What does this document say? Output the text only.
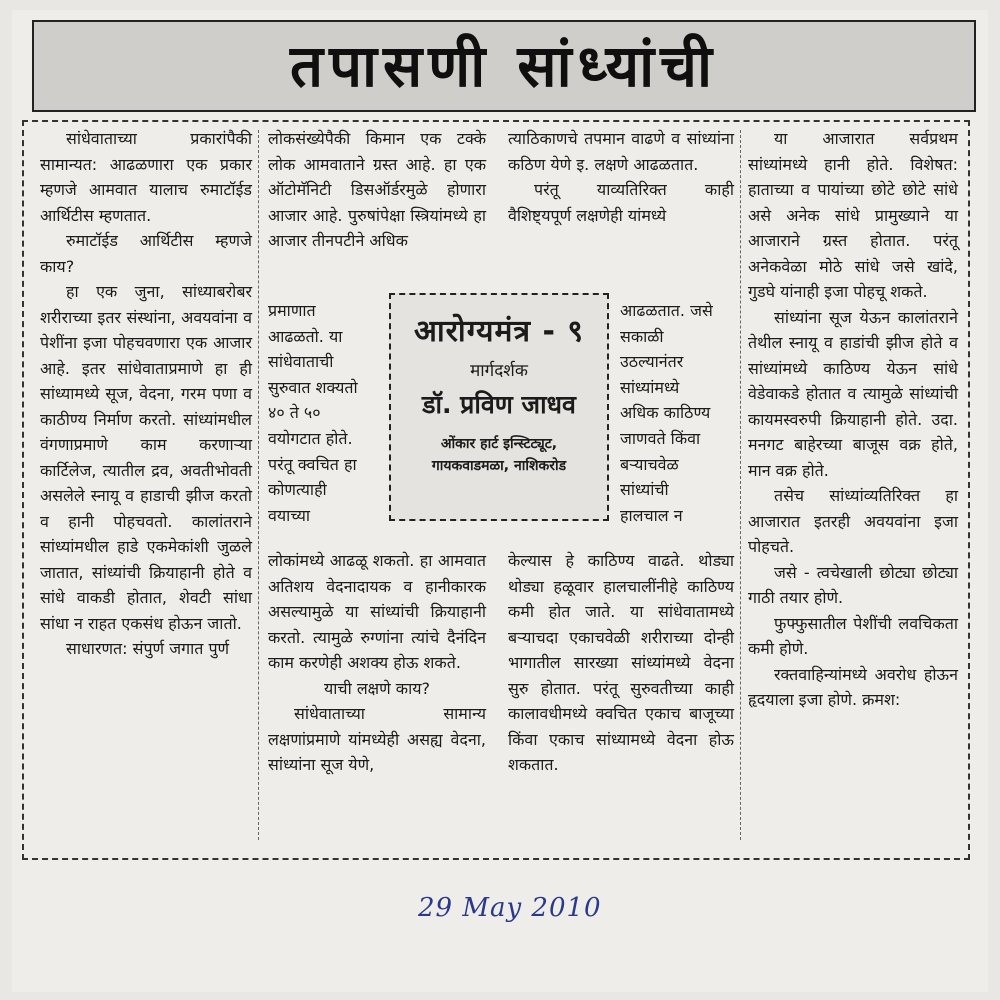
तपासणी सांध्यांची

सांधेवाताच्या प्रकारांपैकी सामान्यत: आढळणारा एक प्रकार म्हणजे आमवात यालाच रुमाटॉईड आर्थिटीस म्हणतात.

रुमाटॉईड आर्थिटीस म्हणजे काय?

हा एक जुना, सांध्याबरोबर शरीराच्या इतर संस्थांना, अवयवांना व पेशींना इजा पोहचवणारा एक आजार आहे. इतर सांधेवाताप्रमाणे हा ही सांध्यामध्ये सूज, वेदना, गरम पणा व काठीण्य निर्माण करतो. सांध्यांमधील वंगणाप्रमाणे काम करणाऱ्या कार्टिलेज, त्यातील द्रव, अवतीभोवती असलेले स्नायू व हाडाची झीज करतो व हानी पोहचवतो. कालांतराने सांध्यांमधील हाडे एकमेकांशी जुळले जातात, सांध्यांची क्रियाहानी होते व सांधे वाकडी होतात, शेवटी सांधा सांधा न राहत एकसंध होऊन जातो.

साधारणत: संपुर्ण जगात पुर्ण

लोकसंख्येपैकी किमान एक टक्के लोक आमवाताने ग्रस्त आहे. हा एक ऑटोमॅनिटी डिसऑर्डरमुळे होणारा आजार आहे. पुरुषांपेक्षा स्त्रियांमध्ये हा आजार तीनपटीने अधिक

प्रमाणात
आढळतो. या
सांधेवाताची
सुरुवात शक्यतो
४० ते ५०
वयोगटात होते.
परंतू क्वचित हा
कोणत्याही
वयाच्या

लोकांमध्ये आढळू शकतो. हा आमवात अतिशय वेदनादायक व हानीकारक असल्यामुळे या सांध्यांची क्रियाहानी करतो. त्यामुळे रुग्णांना त्यांचे दैनंदिन काम करणेही अशक्य होऊ शकते.

याची लक्षणे काय?

सांधेवाताच्या सामान्य लक्षणांप्रमाणे यांमध्येही असह्य वेदना, सांध्यांना सूज येणे,

आरोग्यमंत्र - ९
मार्गदर्शक
डॉ. प्रविण जाधव
ओंकार हार्ट इन्स्टिट्यूट,
गायकवाडमळा, नाशिकरोड

त्याठिकाणचे तपमान वाढणे व सांध्यांना कठिण येणे इ. लक्षणे आढळतात.

परंतू याव्यतिरिक्त काही वैशिष्ट्यपूर्ण लक्षणेही यांमध्ये

आढळतात. जसे
सकाळी
उठल्यानंतर
सांध्यांमध्ये
अधिक काठिण्य
जाणवते किंवा
बऱ्याचवेळ
सांध्यांची
हालचाल न

केल्यास हे काठिण्य वाढते. थोड्या थोड्या हळूवार हालचालींनीहे काठिण्य कमी होत जाते. या सांधेवातामध्ये बऱ्याचदा एकाचवेळी शरीराच्या दोन्ही भागातील सारख्या सांध्यांमध्ये वेदना सुरु होतात. परंतू सुरुवतीच्या काही कालावधीमध्ये क्वचित एकाच बाजूच्या किंवा एकाच सांध्यामध्ये वेदना होऊ शकतात.

या आजारात सर्वप्रथम सांध्यांमध्ये हानी होते. विशेषत: हाताच्या व पायांच्या छोटे छोटे सांधे असे अनेक सांधे प्रामुख्याने या आजाराने ग्रस्त होतात. परंतू अनेकवेळा मोठे सांधे जसे खांदे, गुडघे यांनाही इजा पोहचू शकते.

सांध्यांना सूज येऊन कालांतराने तेथील स्नायू व हाडांची झीज होते व सांध्यांमध्ये काठिण्य येऊन सांधे वेडेवाकडे होतात व त्यामुळे सांध्यांची कायमस्वरुपी क्रियाहानी होते. उदा. मनगट बाहेरच्या बाजूस वक्र होते, मान वक्र होते.

तसेच सांध्यांव्यतिरिक्त हा आजारात इतरही अवयवांना इजा पोहचते.

जसे - त्वचेखाली छोट्या छोट्या गाठी तयार होणे.

फुफ्फुसातील पेशींची लवचिकता कमी होणे.

रक्तवाहिन्यांमध्ये अवरोध होऊन हृदयाला इजा होणे. क्रमश:

29 May 2010
